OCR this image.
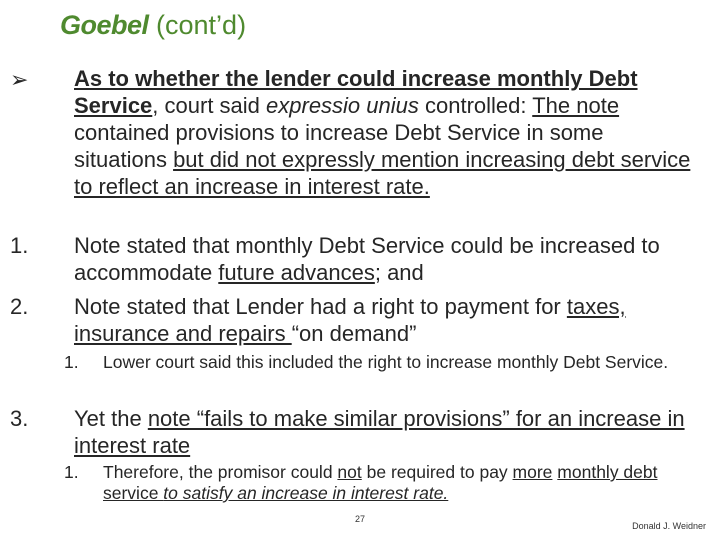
Goebel (cont’d)
➢	As to whether the lender could increase monthly Debt Service, court said expressio unius controlled: The note contained provisions to increase Debt Service in some situations but did not expressly mention increasing debt service to reflect an increase in interest rate.
1.	Note stated that monthly Debt Service could be increased to accommodate future advances; and
2.	Note stated that Lender had a right to payment for taxes, insurance and repairs “on demand”
1.	Lower court said this included the right to increase monthly Debt Service.
3.	Yet the note “fails to make similar provisions” for an increase in interest rate
1.	Therefore, the promisor could not be required to pay more monthly debt service to satisfy an increase in interest rate.
27
Donald J. Weidner
